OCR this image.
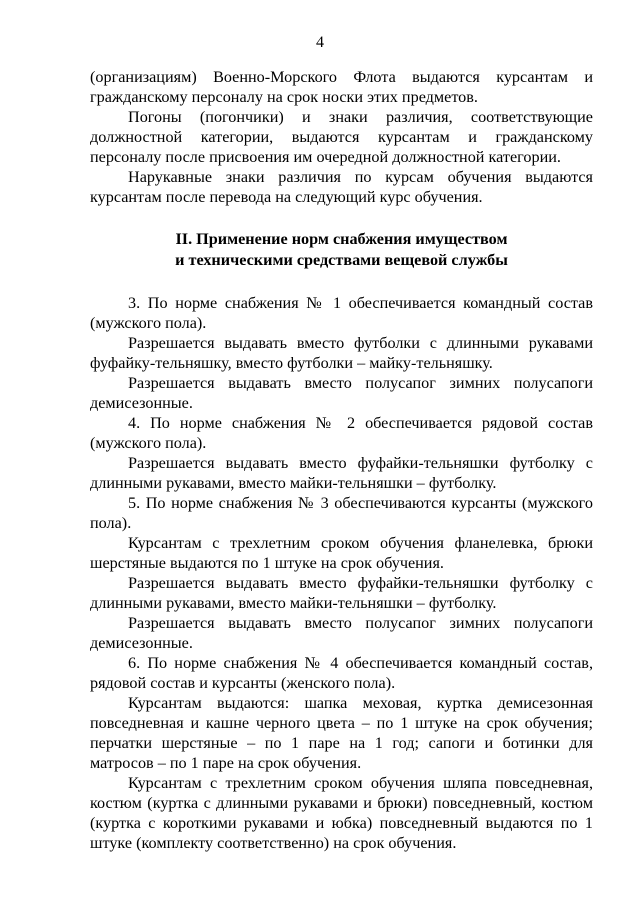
4

(организациям) Военно-Морского Флота выдаются курсантам и гражданскому персоналу на срок носки этих предметов.

Погоны (погончики) и знаки различия, соответствующие должностной категории, выдаются курсантам и гражданскому персоналу после присвоения им очередной должностной категории.

Нарукавные знаки различия по курсам обучения выдаются курсантам после перевода на следующий курс обучения.

II. Применение норм снабжения имуществом
и техническими средствами вещевой службы

3. По норме снабжения № 1 обеспечивается командный состав (мужского пола).

Разрешается выдавать вместо футболки с длинными рукавами фуфайку-тельняшку, вместо футболки – майку-тельняшку.

Разрешается выдавать вместо полусапог зимних полусапоги демисезонные.

4. По норме снабжения № 2 обеспечивается рядовой состав (мужского пола).

Разрешается выдавать вместо фуфайки-тельняшки футболку с длинными рукавами, вместо майки-тельняшки – футболку.

5. По норме снабжения № 3 обеспечиваются курсанты (мужского пола).

Курсантам с трехлетним сроком обучения фланелевка, брюки шерстяные выдаются по 1 штуке на срок обучения.

Разрешается выдавать вместо фуфайки-тельняшки футболку с длинными рукавами, вместо майки-тельняшки – футболку.

Разрешается выдавать вместо полусапог зимних полусапоги демисезонные.

6. По норме снабжения № 4 обеспечивается командный состав, рядовой состав и курсанты (женского пола).

Курсантам выдаются: шапка меховая, куртка демисезонная повседневная и кашне черного цвета – по 1 штуке на срок обучения; перчатки шерстяные – по 1 паре на 1 год; сапоги и ботинки для матросов – по 1 паре на срок обучения.

Курсантам с трехлетним сроком обучения шляпа повседневная, костюм (куртка с длинными рукавами и брюки) повседневный, костюм (куртка с короткими рукавами и юбка) повседневный выдаются по 1 штуке (комплекту соответственно) на срок обучения.
